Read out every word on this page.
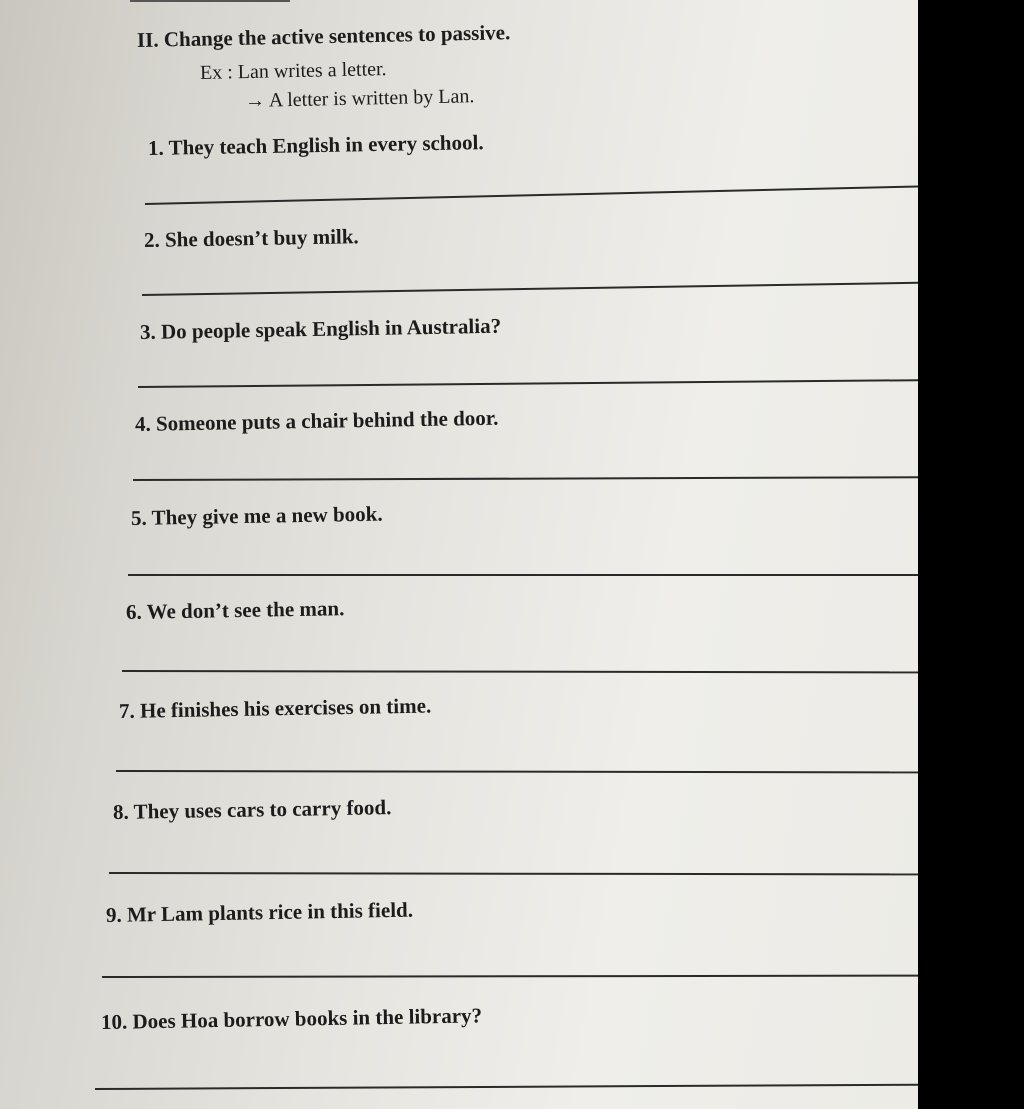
II. Change the active sentences to passive.
Ex : Lan writes a letter.
→ A letter is written by Lan.
1. They teach English in every school.
2. She doesn’t buy milk.
3. Do people speak English in Australia?
4. Someone puts a chair behind the door.
5. They give me a new book.
6. We don’t see the man.
7. He finishes his exercises on time.
8. They uses cars to carry food.
9. Mr Lam plants rice in this field.
10. Does Hoa borrow books in the library?
